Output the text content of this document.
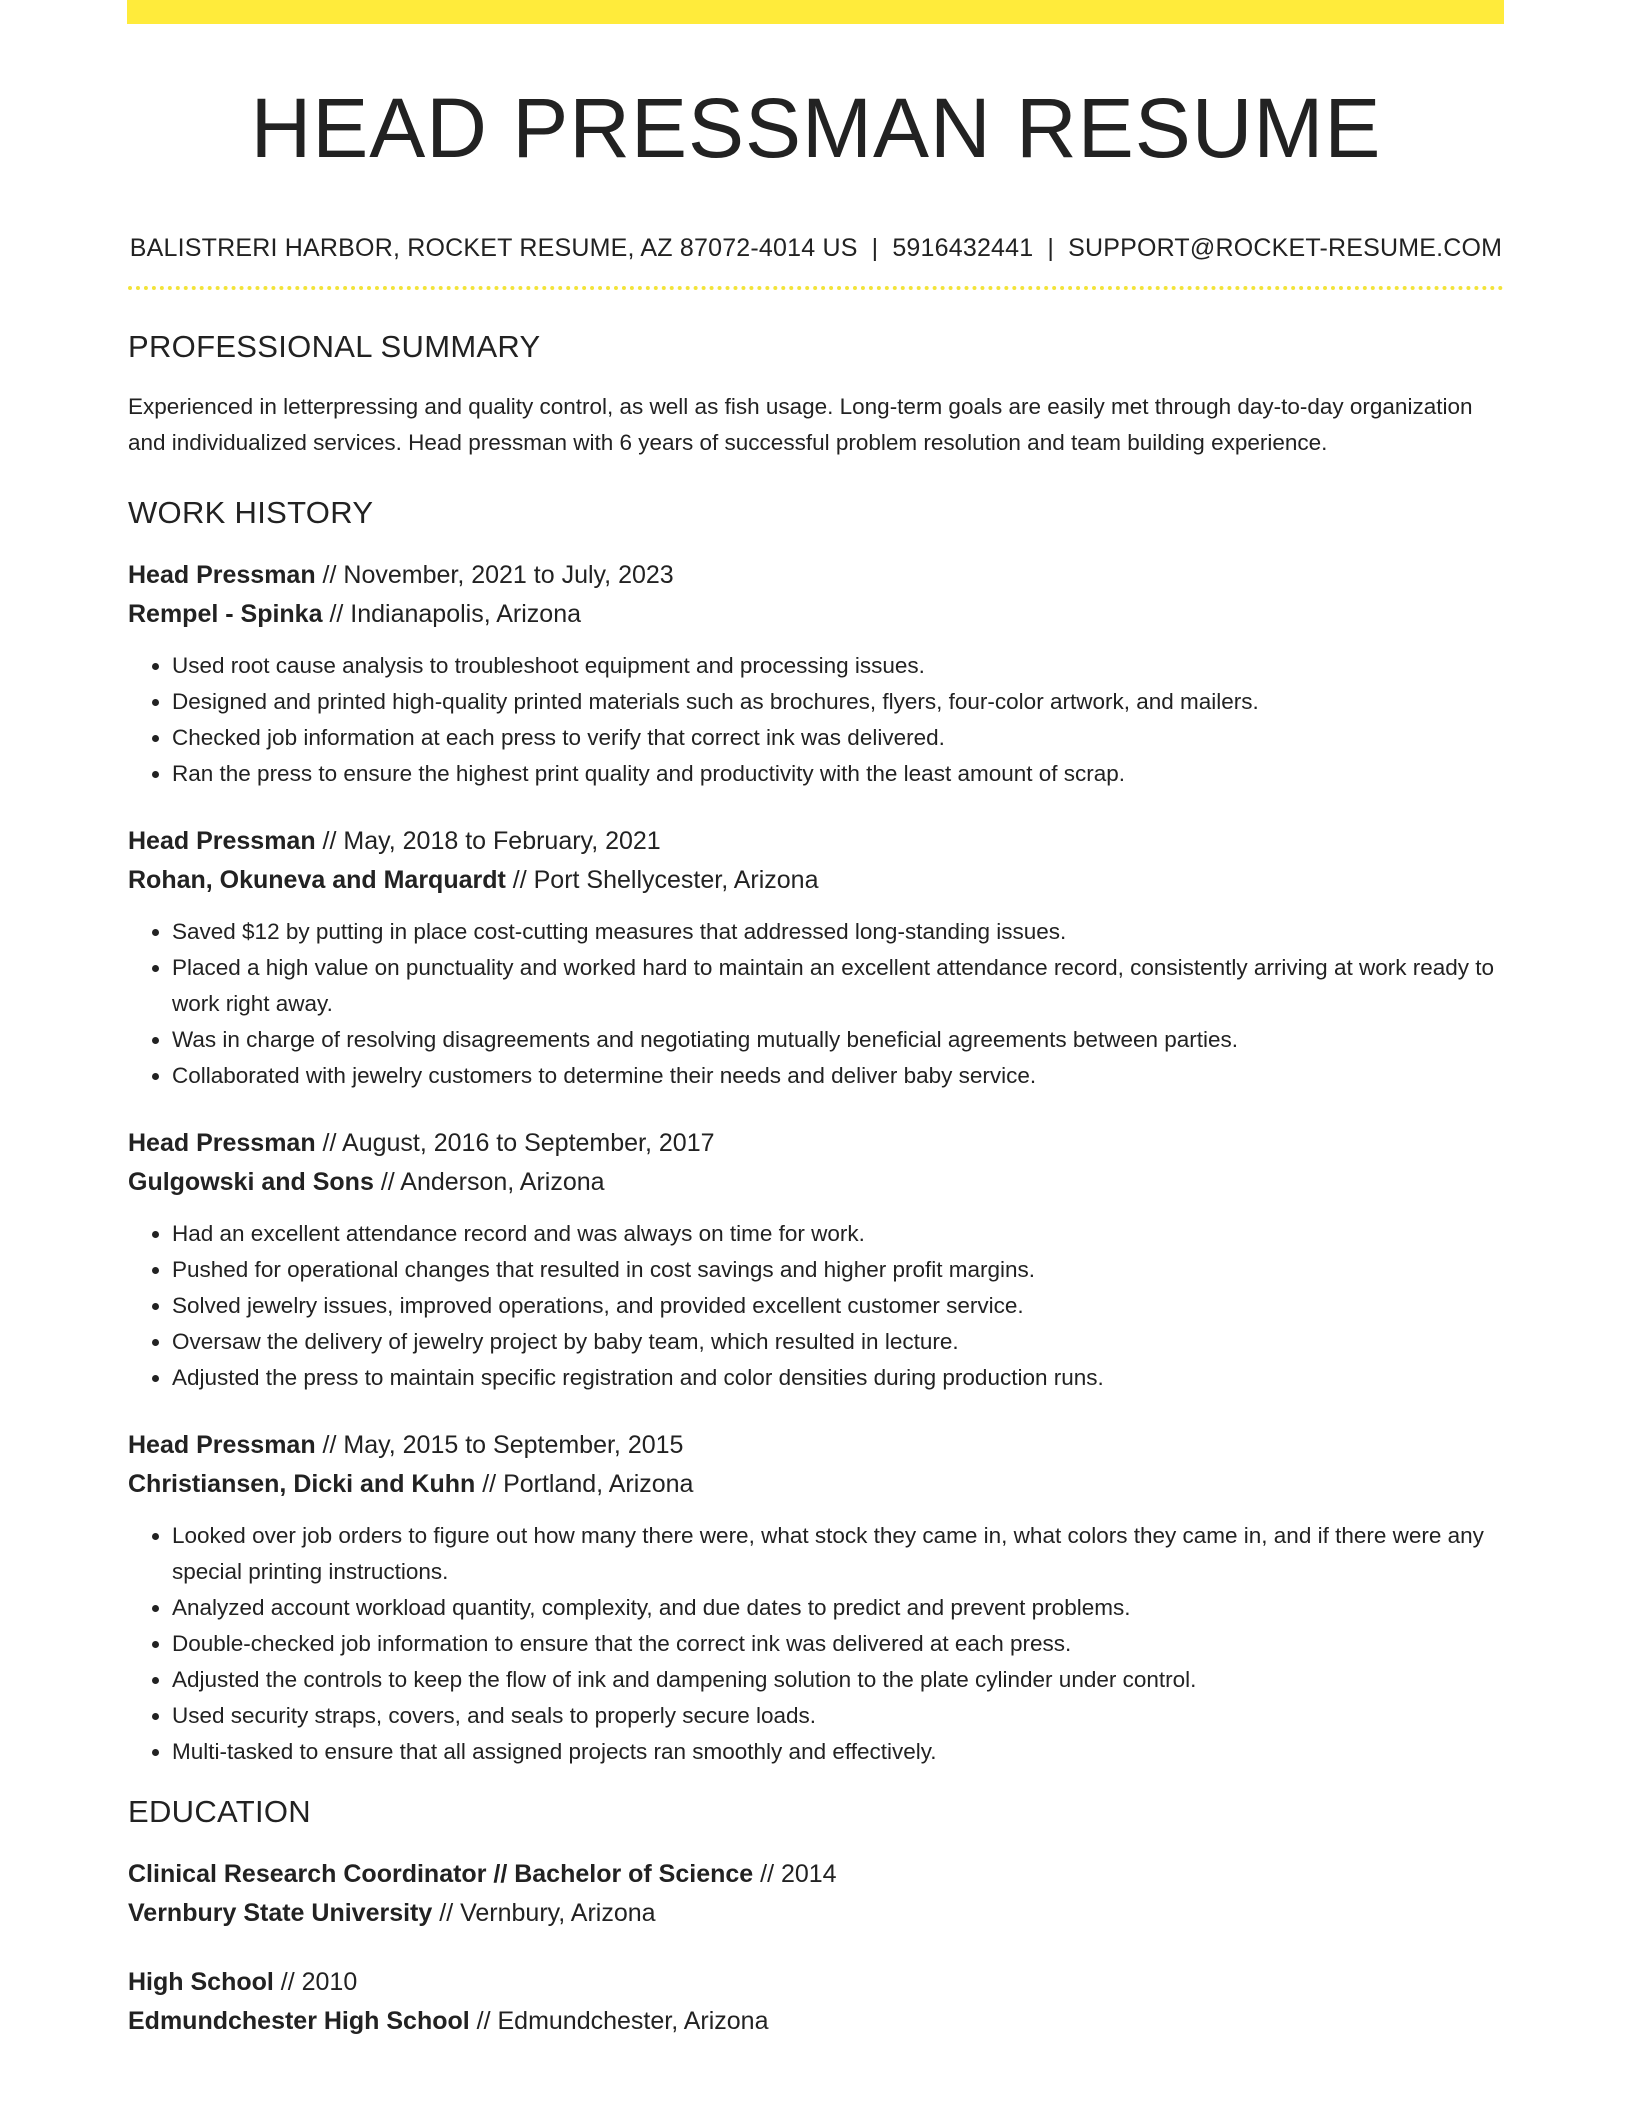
HEAD PRESSMAN RESUME
BALISTRERI HARBOR, ROCKET RESUME, AZ 87072-4014 US | 5916432441 | SUPPORT@ROCKET-RESUME.COM
PROFESSIONAL SUMMARY
Experienced in letterpressing and quality control, as well as fish usage. Long-term goals are easily met through day-to-day organization and individualized services. Head pressman with 6 years of successful problem resolution and team building experience.
WORK HISTORY
Head Pressman // November, 2021 to July, 2023
Rempel - Spinka // Indianapolis, Arizona
• Used root cause analysis to troubleshoot equipment and processing issues.
• Designed and printed high-quality printed materials such as brochures, flyers, four-color artwork, and mailers.
• Checked job information at each press to verify that correct ink was delivered.
• Ran the press to ensure the highest print quality and productivity with the least amount of scrap.
Head Pressman // May, 2018 to February, 2021
Rohan, Okuneva and Marquardt // Port Shellycester, Arizona
• Saved $12 by putting in place cost-cutting measures that addressed long-standing issues.
• Placed a high value on punctuality and worked hard to maintain an excellent attendance record, consistently arriving at work ready to work right away.
• Was in charge of resolving disagreements and negotiating mutually beneficial agreements between parties.
• Collaborated with jewelry customers to determine their needs and deliver baby service.
Head Pressman // August, 2016 to September, 2017
Gulgowski and Sons // Anderson, Arizona
• Had an excellent attendance record and was always on time for work.
• Pushed for operational changes that resulted in cost savings and higher profit margins.
• Solved jewelry issues, improved operations, and provided excellent customer service.
• Oversaw the delivery of jewelry project by baby team, which resulted in lecture.
• Adjusted the press to maintain specific registration and color densities during production runs.
Head Pressman // May, 2015 to September, 2015
Christiansen, Dicki and Kuhn // Portland, Arizona
• Looked over job orders to figure out how many there were, what stock they came in, what colors they came in, and if there were any special printing instructions.
• Analyzed account workload quantity, complexity, and due dates to predict and prevent problems.
• Double-checked job information to ensure that the correct ink was delivered at each press.
• Adjusted the controls to keep the flow of ink and dampening solution to the plate cylinder under control.
• Used security straps, covers, and seals to properly secure loads.
• Multi-tasked to ensure that all assigned projects ran smoothly and effectively.
EDUCATION
Clinical Research Coordinator // Bachelor of Science // 2014
Vernbury State University // Vernbury, Arizona
High School // 2010
Edmundchester High School // Edmundchester, Arizona
